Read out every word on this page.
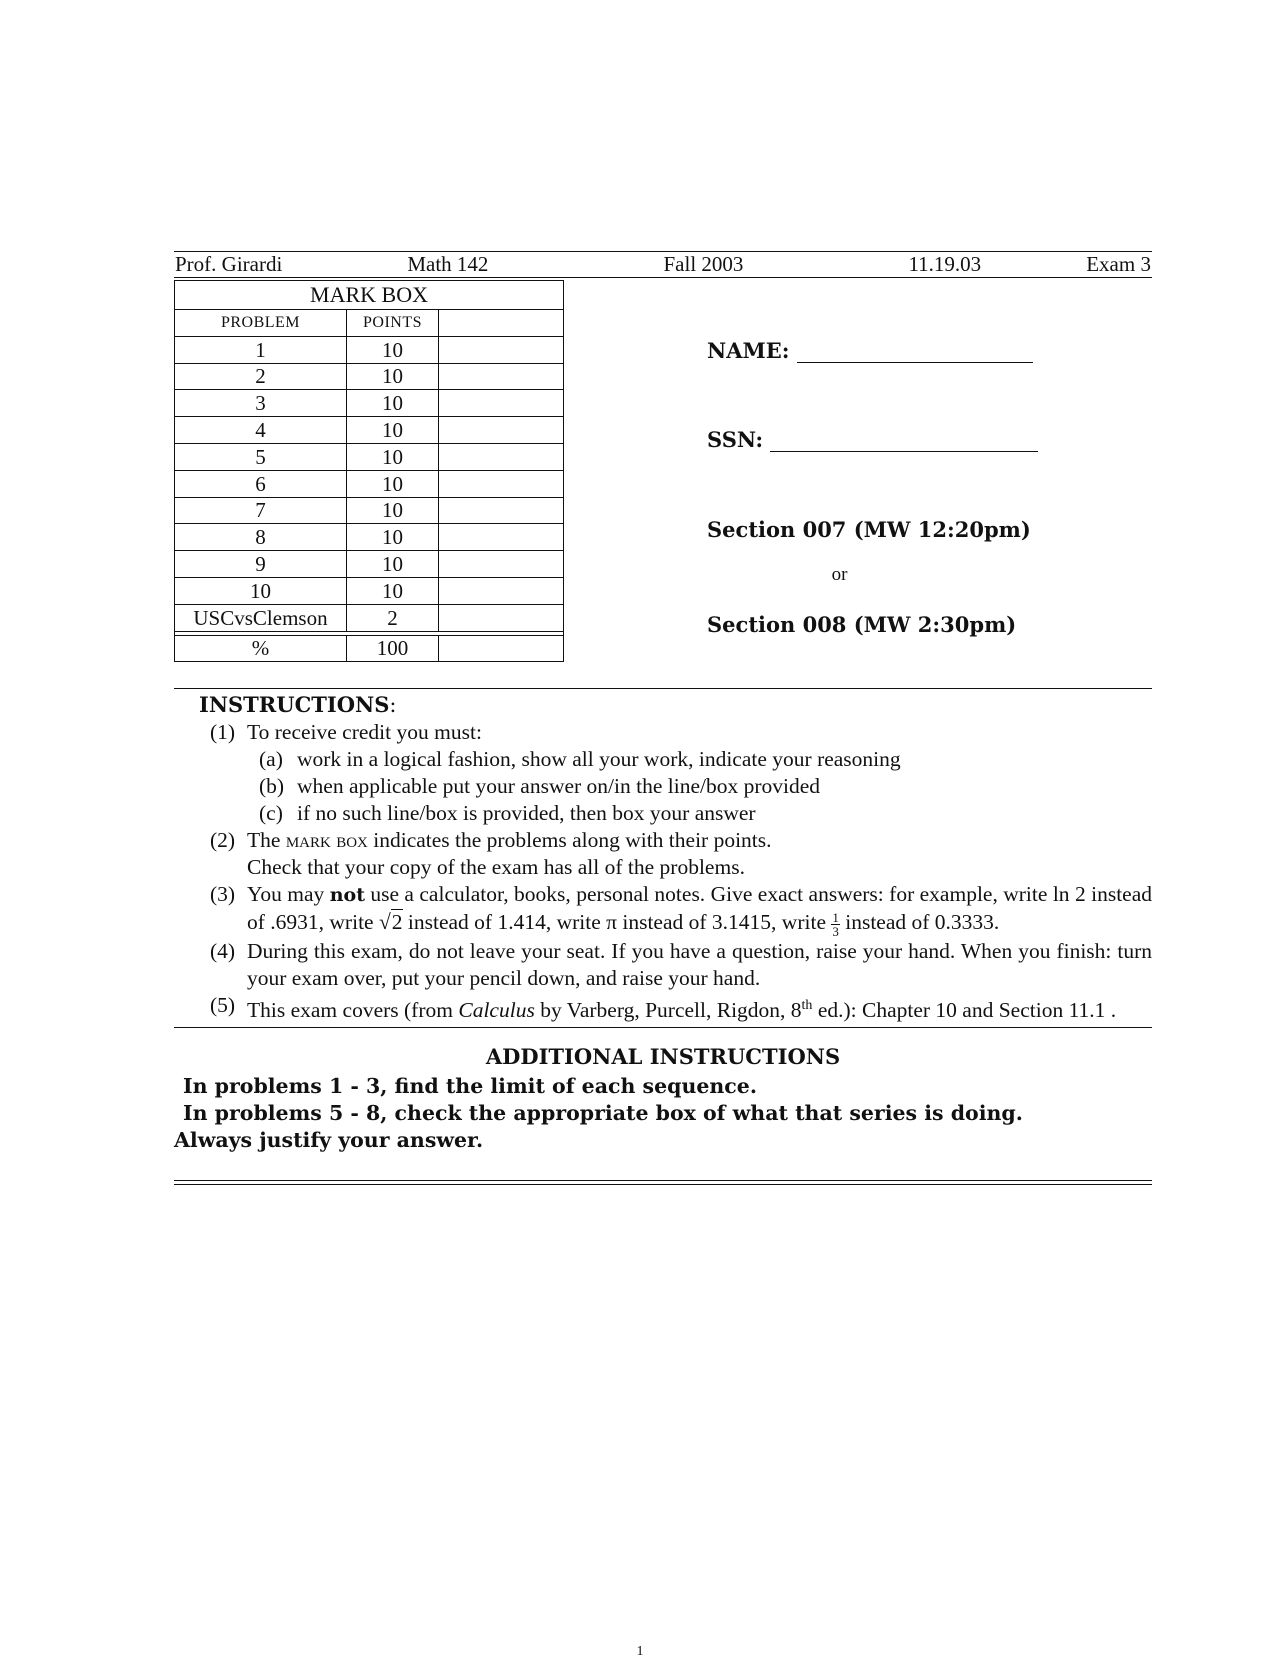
Prof. Girardi	Math 142	Fall 2003	11.19.03	Exam 3
MARK BOX		
PROBLEM	POINTS	
1	10	
2	10	
3	10	
4	10	
5	10	
6	10	
7	10	
8	10	
9	10	
10	10	
USCvsClemson	2	

%	100	
NAME:
SSN:
Section 007 (MW 12:20pm)
or
Section 008 (MW 2:30pm)
INSTRUCTIONS:
(1) To receive credit you must:
(a) work in a logical fashion, show all your work, indicate your reasoning
(b) when applicable put your answer on/in the line/box provided
(c) if no such line/box is provided, then box your answer
(2) The mark box indicates the problems along with their points.
Check that your copy of the exam has all of the problems.
(3) You may not use a calculator, books, personal notes. Give exact answers: for example, write ln 2 instead of .6931, write √2 instead of 1.414, write π instead of 3.1415, write $\frac{1}{3}$ instead of 0.3333.
(4) During this exam, do not leave your seat. If you have a question, raise your hand. When you finish: turn your exam over, put your pencil down, and raise your hand.
(5) This exam covers (from Calculus by Varberg, Purcell, Rigdon, 8th ed.): Chapter 10 and Section 11.1 .
ADDITIONAL INSTRUCTIONS
In problems 1 - 3, find the limit of each sequence.
In problems 5 - 8, check the appropriate box of what that series is doing.
Always justify your answer.
1
